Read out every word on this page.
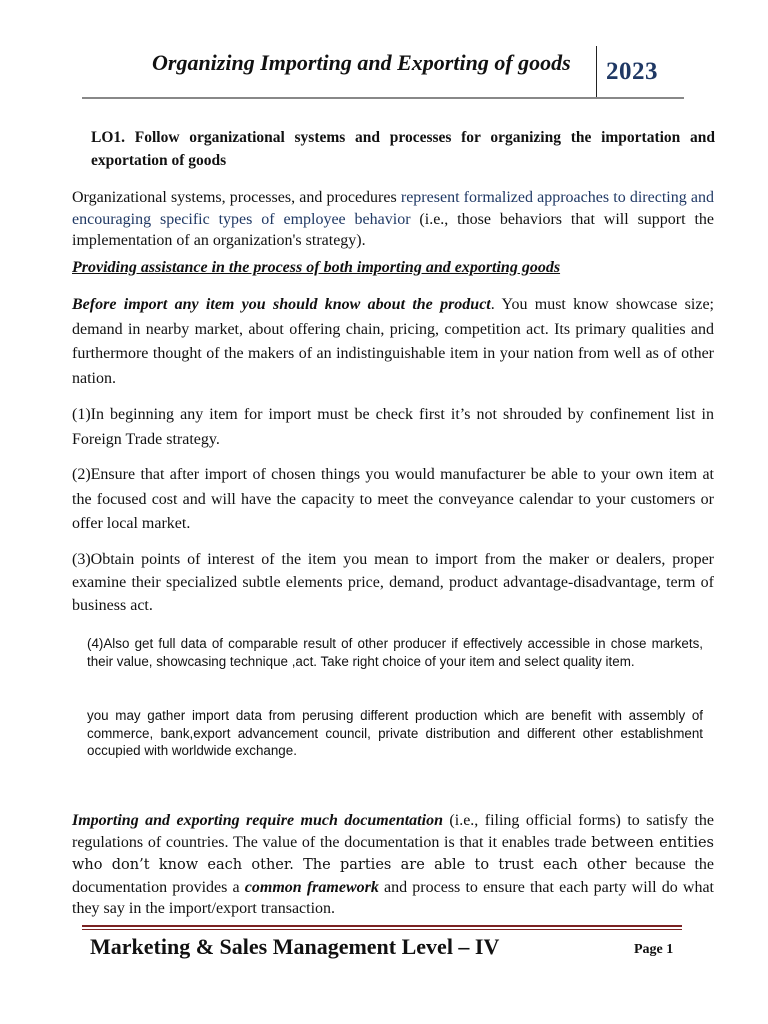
Organizing Importing and Exporting of goods 2023
LO1. Follow organizational systems and processes for organizing the importation and exportation of goods
Organizational systems, processes, and procedures represent formalized approaches to directing and encouraging specific types of employee behavior (i.e., those behaviors that will support the implementation of an organization's strategy).
Providing assistance in the process of both importing and exporting goods
Before import any item you should know about the product. You must know showcase size; demand in nearby market, about offering chain, pricing, competition act. Its primary qualities and furthermore thought of the makers of an indistinguishable item in your nation from well as of other nation.
(1)In beginning any item for import must be check first it’s not shrouded by confinement list in Foreign Trade strategy.
(2)Ensure that after import of chosen things you would manufacturer be able to your own item at the focused cost and will have the capacity to meet the conveyance calendar to your customers or offer local market.
(3)Obtain points of interest of the item you mean to import from the maker or dealers, proper examine their specialized subtle elements price, demand, product advantage-disadvantage, term of business act.
(4)Also get full data of comparable result of other producer if effectively accessible in chose markets, their value, showcasing technique ,act. Take right choice of your item and select quality item.
you may gather import data from perusing different production which are benefit with assembly of commerce, bank,export advancement council, private distribution and different other establishment occupied with worldwide exchange.
Importing and exporting require much documentation (i.e., filing official forms) to satisfy the regulations of countries. The value of the documentation is that it enables trade between entities who don’t know each other. The parties are able to trust each other because the documentation provides a common framework and process to ensure that each party will do what they say in the import/export transaction.
Marketing & Sales Management Level – IV	Page 1
